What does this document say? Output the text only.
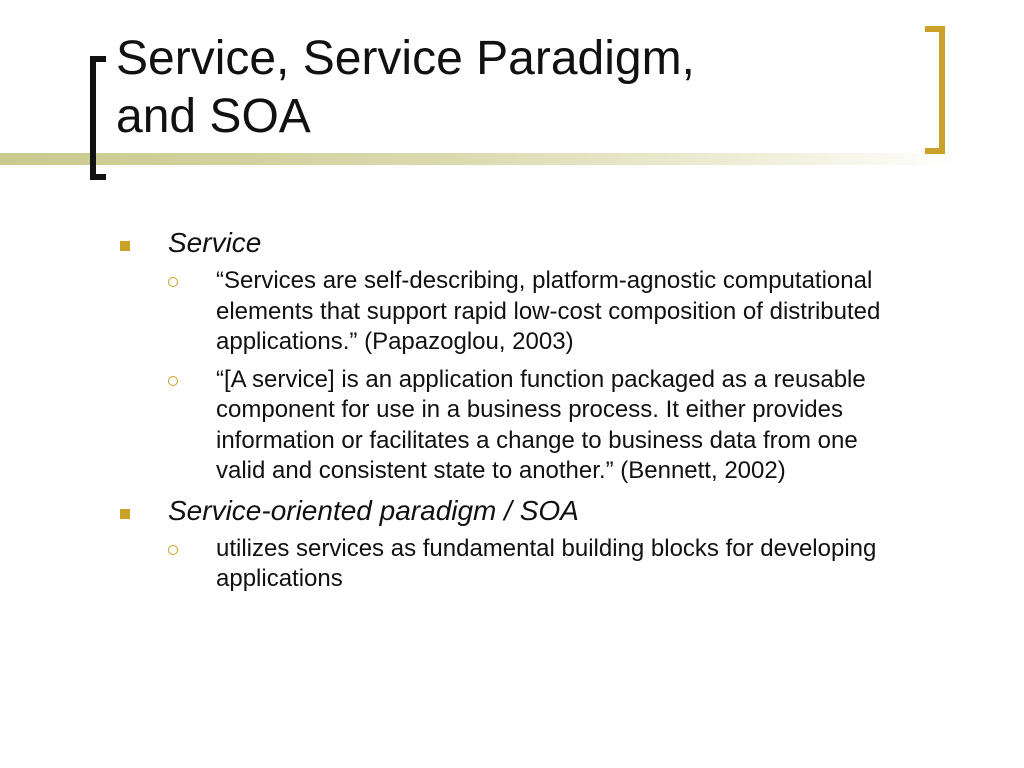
Service, Service Paradigm,
and SOA
Service
“Services are self-describing, platform-agnostic computational elements that support rapid low-cost composition of distributed applications.” (Papazoglou, 2003)
“[A service] is an application function packaged as a reusable component for use in a business process. It either provides information or facilitates a change to business data from one valid and consistent state to another.” (Bennett, 2002)
Service-oriented paradigm / SOA
utilizes services as fundamental building blocks for developing applications
